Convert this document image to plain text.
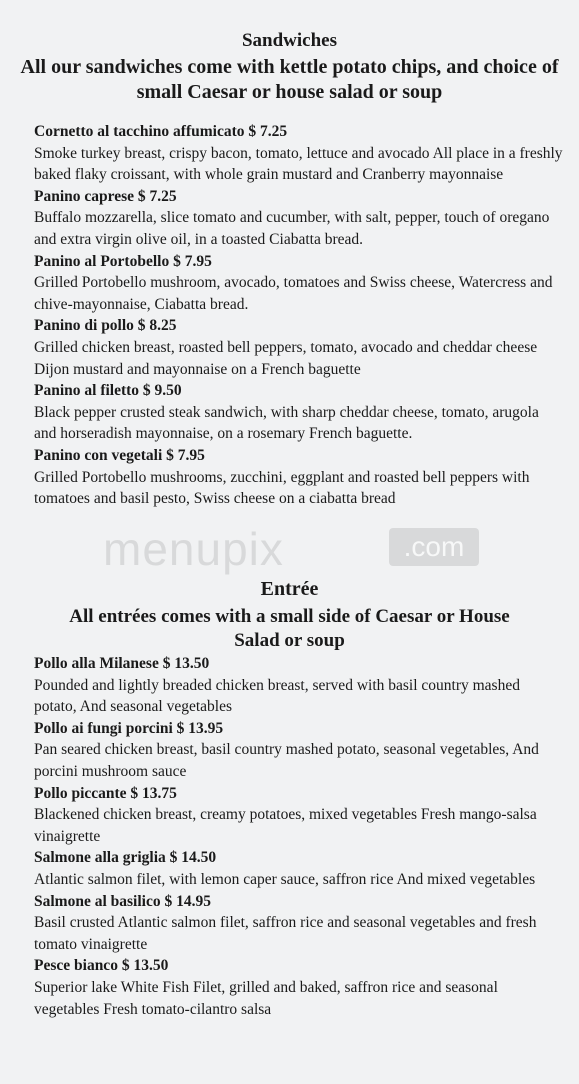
Sandwiches
All our sandwiches come with kettle potato chips, and choice of small Caesar or house salad or soup
Cornetto al tacchino affumicato $ 7.25
Smoke turkey breast, crispy bacon, tomato, lettuce and avocado All place in a freshly baked flaky croissant, with whole grain mustard and Cranberry mayonnaise
Panino caprese $ 7.25
Buffalo mozzarella, slice tomato and cucumber, with salt, pepper, touch of oregano and extra virgin olive oil, in a toasted Ciabatta bread.
Panino al Portobello $ 7.95
Grilled Portobello mushroom, avocado, tomatoes and Swiss cheese, Watercress and chive-mayonnaise, Ciabatta bread.
Panino di pollo $ 8.25
Grilled chicken breast, roasted bell peppers, tomato, avocado and cheddar cheese Dijon mustard and mayonnaise on a French baguette
Panino al filetto $ 9.50
Black pepper crusted steak sandwich, with sharp cheddar cheese, tomato, arugola and horseradish mayonnaise, on a rosemary French baguette.
Panino con vegetali $ 7.95
Grilled Portobello mushrooms, zucchini, eggplant and roasted bell peppers with tomatoes and basil pesto, Swiss cheese on a ciabatta bread
menupix	.com
Entrée
All entrées comes with a small side of Caesar or House Salad or soup
Pollo alla Milanese $ 13.50
Pounded and lightly breaded chicken breast, served with basil country mashed potato, And seasonal vegetables
Pollo ai fungi porcini $ 13.95
Pan seared chicken breast, basil country mashed potato, seasonal vegetables, And porcini mushroom sauce
Pollo piccante $ 13.75
Blackened chicken breast, creamy potatoes, mixed vegetables Fresh mango-salsa vinaigrette
Salmone alla griglia $ 14.50
Atlantic salmon filet, with lemon caper sauce, saffron rice And mixed vegetables
Salmone al basilico $ 14.95
Basil crusted Atlantic salmon filet, saffron rice and seasonal vegetables and fresh tomato vinaigrette
Pesce bianco $ 13.50
Superior lake White Fish Filet, grilled and baked, saffron rice and seasonal vegetables Fresh tomato-cilantro salsa
